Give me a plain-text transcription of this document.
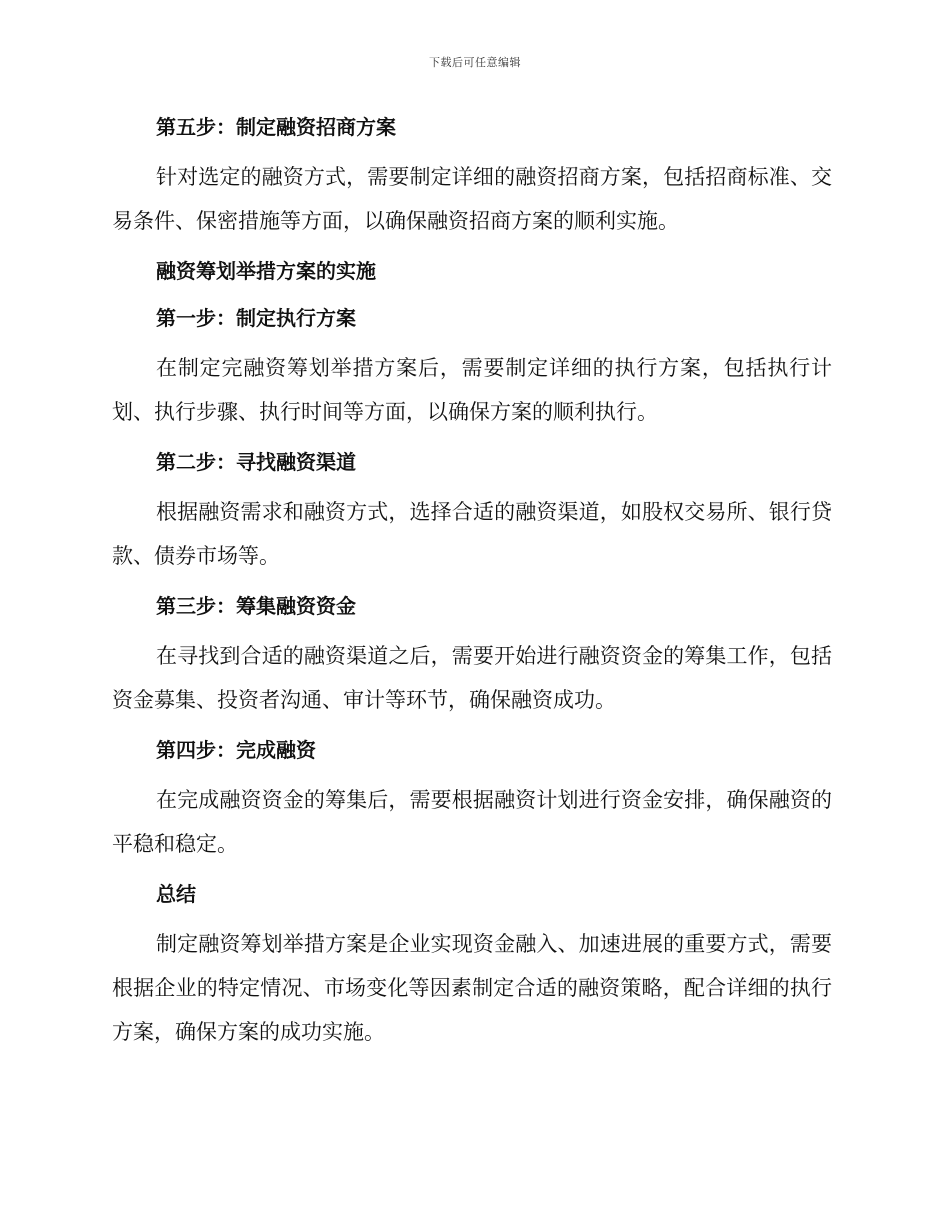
下载后可任意编辑
第五步：制定融资招商方案

针对选定的融资方式，需要制定详细的融资招商方案，包括招商标准、交易条件、保密措施等方面，以确保融资招商方案的顺利实施。

融资筹划举措方案的实施
第一步：制定执行方案

在制定完融资筹划举措方案后，需要制定详细的执行方案，包括执行计划、执行步骤、执行时间等方面，以确保方案的顺利执行。

第二步：寻找融资渠道

根据融资需求和融资方式，选择合适的融资渠道，如股权交易所、银行贷款、债券市场等。

第三步：筹集融资资金

在寻找到合适的融资渠道之后，需要开始进行融资资金的筹集工作，包括资金募集、投资者沟通、审计等环节，确保融资成功。

第四步：完成融资

在完成融资资金的筹集后，需要根据融资计划进行资金安排，确保融资的平稳和稳定。

总结

制定融资筹划举措方案是企业实现资金融入、加速进展的重要方式，需要根据企业的特定情况、市场变化等因素制定合适的融资策略，配合详细的执行方案，确保方案的成功实施。
